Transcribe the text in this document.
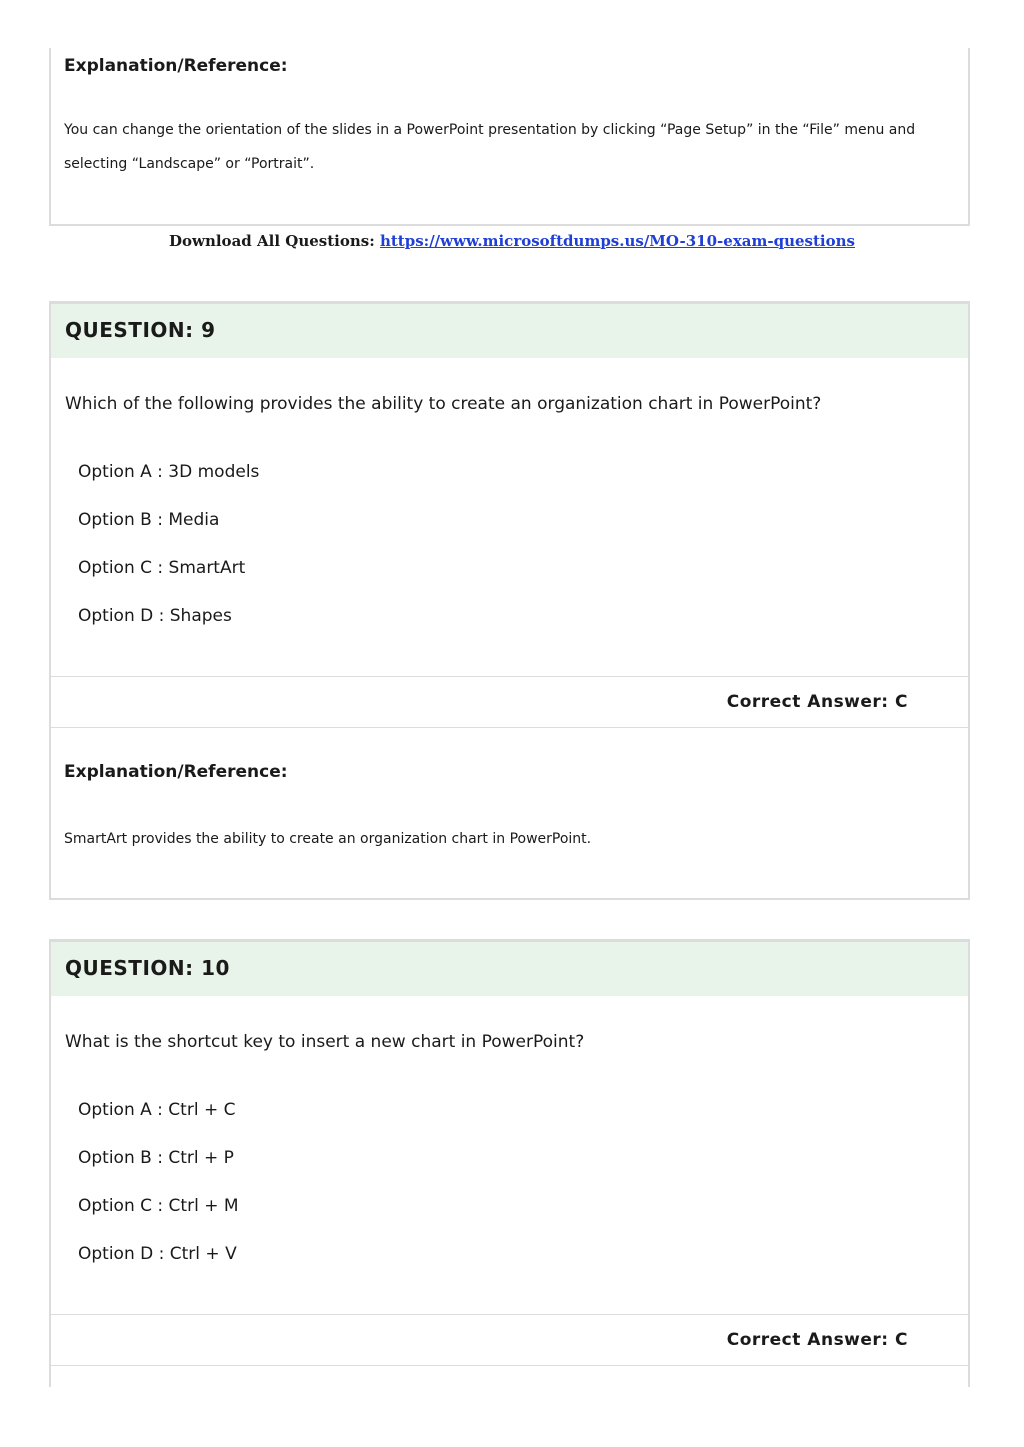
Explanation/Reference:
You can change the orientation of the slides in a PowerPoint presentation by clicking “Page Setup” in the “File” menu and selecting “Landscape” or “Portrait”.
Download All Questions: https://www.microsoftdumps.us/MO-310-exam-questions
QUESTION: 9
Which of the following provides the ability to create an organization chart in PowerPoint?
Option A : 3D models
Option B : Media
Option C : SmartArt
Option D : Shapes
Correct Answer: C
Explanation/Reference:
SmartArt provides the ability to create an organization chart in PowerPoint.
QUESTION: 10
What is the shortcut key to insert a new chart in PowerPoint?
Option A : Ctrl + C
Option B : Ctrl + P
Option C : Ctrl + M
Option D : Ctrl + V
Correct Answer: C
